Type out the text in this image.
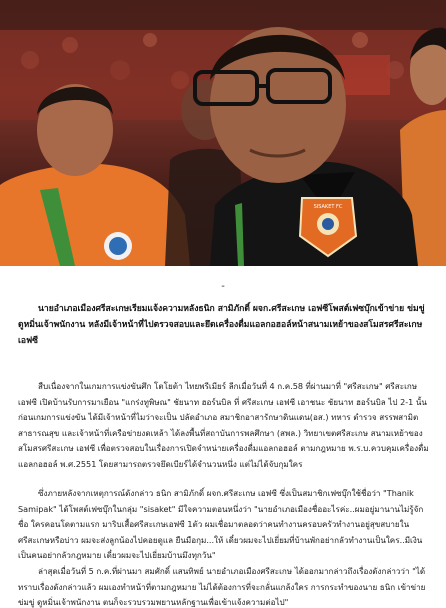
SISAKET FC
-

นายอำเภอเมืองศรีสะเกษเรียมแจ้งความหลังธนิก สามิภักดิ์ ผจก.ศรีสะเกษ เอฟซีโพสต์เฟซบุ๊กเข้าข่าย ข่มขู่ ดูหมิ่นเจ้าพนักงาน หลังมีเจ้าหน้าที่ไปตรวจสอบและยึดเครื่องดื่มแอลกอฮอล์หน้าสนามเหย้าของสโมสรศรีสะเกษ เอฟซี

สืบเนื่องจากในเกมการแข่งขันศึก โตโยต้า ไทยพรีเมียร์ ลีกเมื่อวันที่ 4 ก.ค.58 ที่ผ่านมาที่ "ศรีสะเกษ" ศรีสะเกษ เอฟซี เปิดบ้านรับการมาเยือน "แกร่งทูพิษณ" ชัยนาท ฮอร์นบิล ที่ ศรีสะเกษ เอฟซี เอาชนะ ชัยนาท ฮอร์นบิล ไป 2-1 นั้น ก่อนเกมการแข่งขัน ได้มีเจ้าหน้าที่ไมว่าจะเป็น ปลัดอำเภอ สมาชิกอาสารักษาดินแดน(อส.) ทหาร ตำรวจ สรรพสามิต สาธารณสุข และเจ้าหน้าที่เครือข่ายงดเหล้า ได้ลงพื้นที่สถาบันการพลศึกษา (สพล.) วิทยาเขตศรีสะเกษ สนามเหย้าของสโมสรศรีสะเกษ เอฟซี เพื่อตรวจสอบในเรื่องการเปิดจำหน่ายเครื่องดื่มแอลกอฮอล์ ตามกฎหมาย พ.ร.บ.ควบคุมเครื่องดื่มแอลกอฮอล์ พ.ศ.2551 โดยสามารถตรวจยึดเบียร์ได้จำนวนหนึ่ง แต่ไม่ได้จับกุมใคร

ซึ่งภายหลังจากเหตุการณ์ดังกล่าว ธนิก สามิภักดิ์ ผจก.ศรีสะเกษ เอฟซี ซึ่งเป็นสมาชิกเฟซบุ๊กใช้ชื่อว่า "Thanik Samipak" ได้โพสต์เฟซบุ๊กในกลุ่ม "sisaket" มีใจความตอนหนึ่งว่า "นายอำเภอเมืองชื่ออะไรค่ะ..ผมอยู่มานานไม่รู้จักชื่อ ใครคอนโดตามแรก มาริบเสื้อศรีสะเกษเอฟซี 1ตัว ผมเชื่อมาตลอดว่าคนทำงานครอบครัวทำงานอยู่สุขสบายในศรีสะเกษหรือบ่าว ผมจะส่งลูกน้องไปคอยดูแล ยืนมือกุม...ให้ เดี๋ยวผมจะไปเยี่ยมที่บ้านพักอย่ากลัวทำงานเป็นใคร..มีเงินเป็นคนอย่ากลัวกฎหมาย เดี๋ยวผมจะไปเยี่ยมบ้านมึงทุกวัน"

ล่าสุดเมื่อวันที่ 5 ก.ค.ที่ผ่านมา สมศักดิ์ แสนทิพย์ นายอำเภอเมืองศรีสะเกษ ได้ออกมากล่าวถึงเรื่องดังกล่าวว่า "ได้ทราบเรื่องดังกล่าวแล้ว ผมเองทำหน้าที่ตามกฎหมาย ไม่ได้ต้องการที่จะกลั่นแกล้งใคร การกระทำของนาย ธนิก เข้าข่าย ข่มขู่ ดูหมิ่นเจ้าพนักงาน ตนก็จะรวบรวมพยานหลักฐานเพื่อเข้าแจ้งความต่อไป"
